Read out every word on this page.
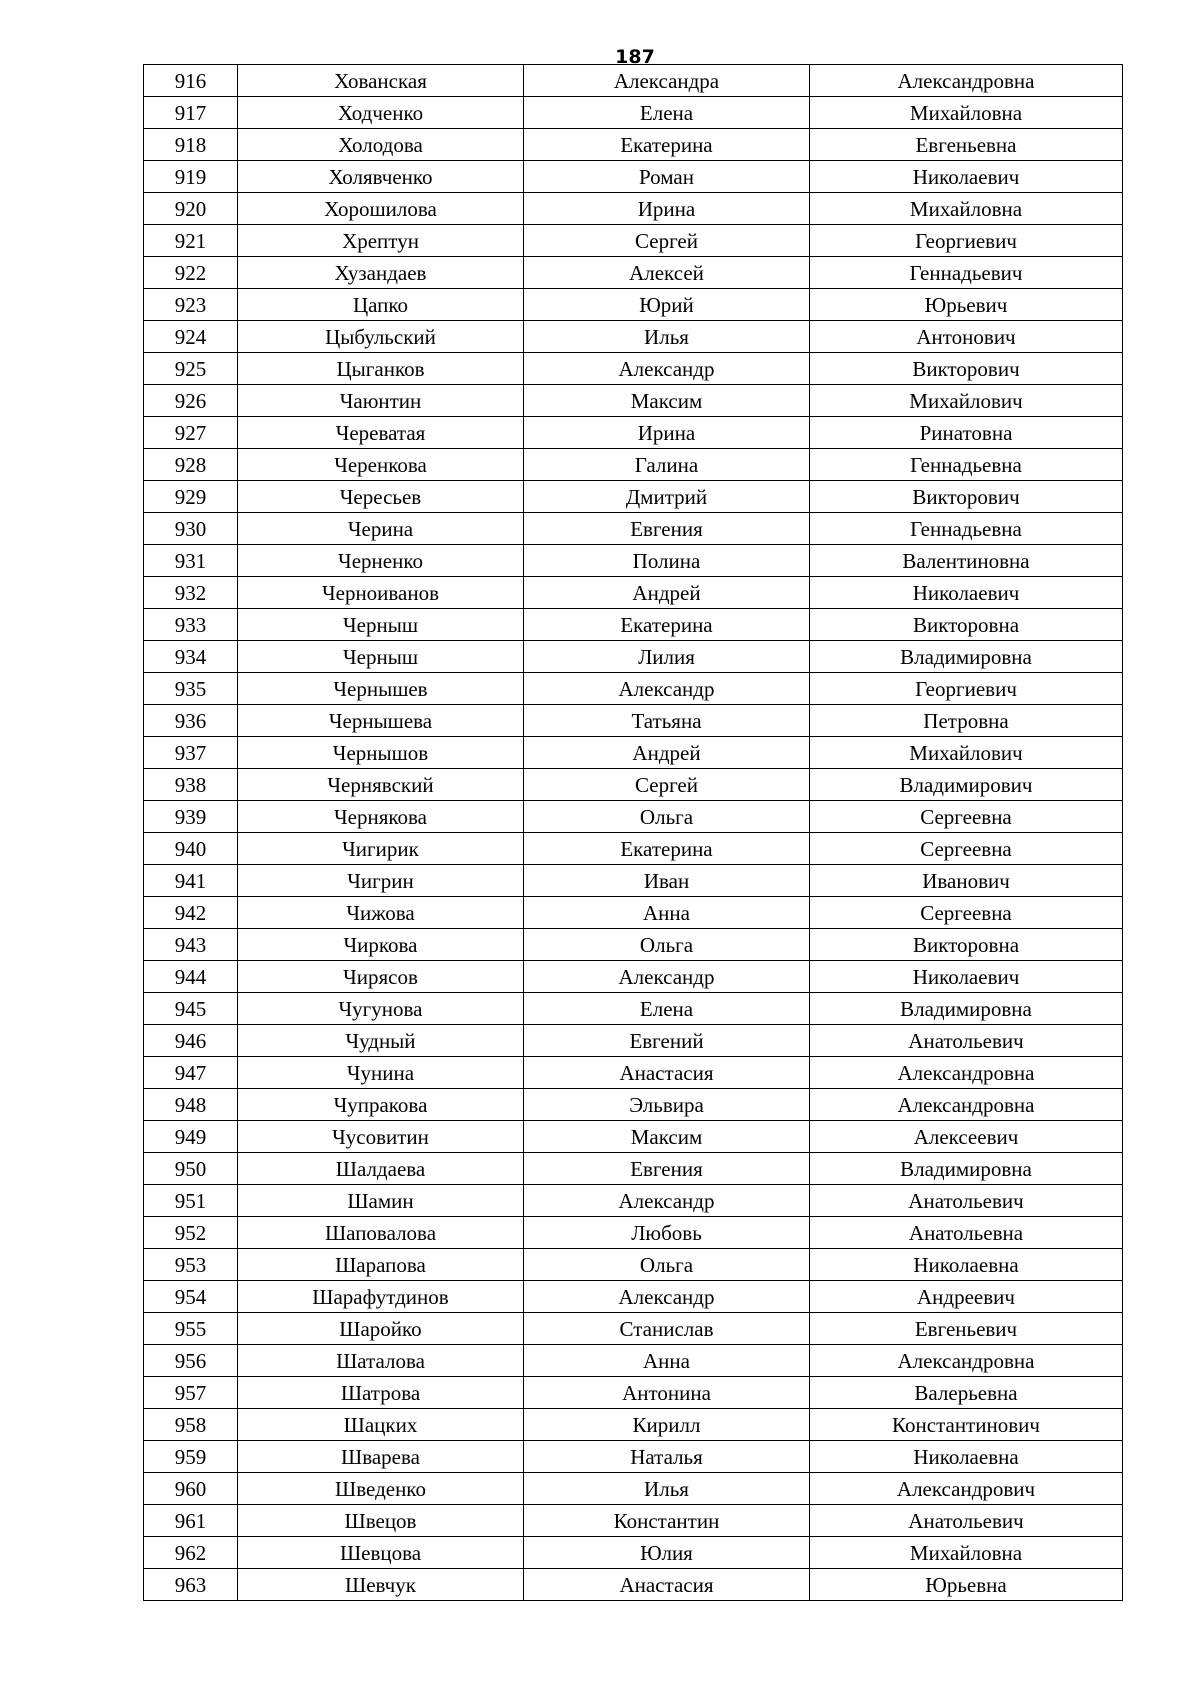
187
916	Хованская	Александра	Александровна
917	Ходченко	Елена	Михайловна
918	Холодова	Екатерина	Евгеньевна
919	Холявченко	Роман	Николаевич
920	Хорошилова	Ирина	Михайловна
921	Хрептун	Сергей	Георгиевич
922	Хузандаев	Алексей	Геннадьевич
923	Цапко	Юрий	Юрьевич
924	Цыбульский	Илья	Антонович
925	Цыганков	Александр	Викторович
926	Чаюнтин	Максим	Михайлович
927	Череватая	Ирина	Ринатовна
928	Черенкова	Галина	Геннадьевна
929	Чересьев	Дмитрий	Викторович
930	Черина	Евгения	Геннадьевна
931	Черненко	Полина	Валентиновна
932	Черноиванов	Андрей	Николаевич
933	Черныш	Екатерина	Викторовна
934	Черныш	Лилия	Владимировна
935	Чернышев	Александр	Георгиевич
936	Чернышева	Татьяна	Петровна
937	Чернышов	Андрей	Михайлович
938	Чернявский	Сергей	Владимирович
939	Чернякова	Ольга	Сергеевна
940	Чигирик	Екатерина	Сергеевна
941	Чигрин	Иван	Иванович
942	Чижова	Анна	Сергеевна
943	Чиркова	Ольга	Викторовна
944	Чирясов	Александр	Николаевич
945	Чугунова	Елена	Владимировна
946	Чудный	Евгений	Анатольевич
947	Чунина	Анастасия	Александровна
948	Чупракова	Эльвира	Александровна
949	Чусовитин	Максим	Алексеевич
950	Шалдаева	Евгения	Владимировна
951	Шамин	Александр	Анатольевич
952	Шаповалова	Любовь	Анатольевна
953	Шарапова	Ольга	Николаевна
954	Шарафутдинов	Александр	Андреевич
955	Шаройко	Станислав	Евгеньевич
956	Шаталова	Анна	Александровна
957	Шатрова	Антонина	Валерьевна
958	Шацких	Кирилл	Константинович
959	Шварева	Наталья	Николаевна
960	Шведенко	Илья	Александрович
961	Швецов	Константин	Анатольевич
962	Шевцова	Юлия	Михайловна
963	Шевчук	Анастасия	Юрьевна
